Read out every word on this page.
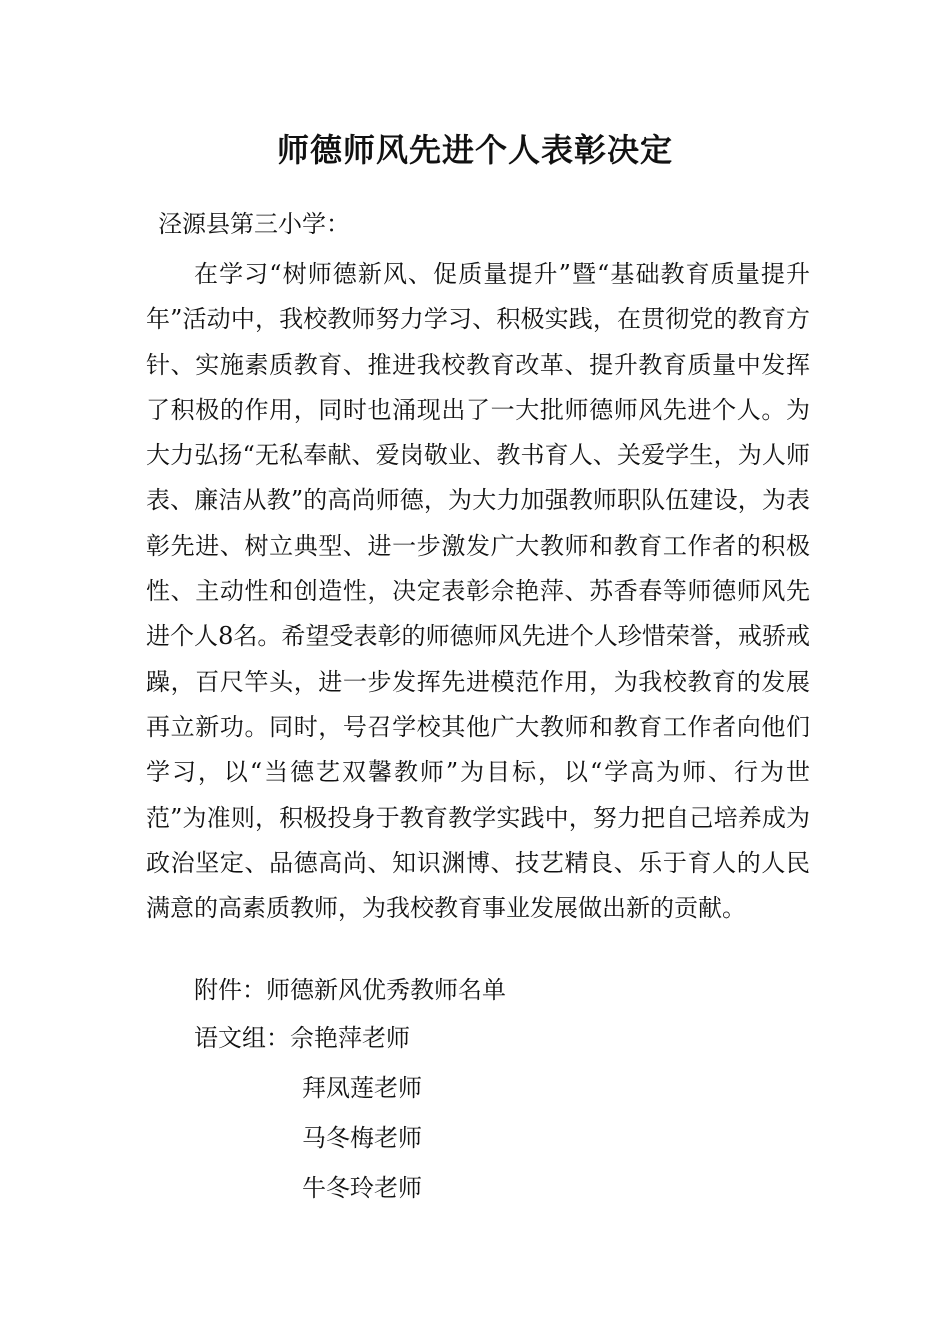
师德师风先进个人表彰决定
泾源县第三小学：

在学习“树师德新风、促质量提升”暨“基础教育质量提升年”活动中，我校教师努力学习、积极实践，在贯彻党的教育方针、实施素质教育、推进我校教育改革、提升教育质量中发挥了积极的作用，同时也涌现出了一大批师德师风先进个人。为大力弘扬“无私奉献、爱岗敬业、教书育人、关爱学生，为人师表、廉洁从教”的高尚师德，为大力加强教师职队伍建设，为表彰先进、树立典型、进一步激发广大教师和教育工作者的积极性、主动性和创造性，决定表彰佘艳萍、苏香春等师德师风先进个人8名。希望受表彰的师德师风先进个人珍惜荣誉，戒骄戒躁，百尺竿头，进一步发挥先进模范作用，为我校教育的发展再立新功。同时，号召学校其他广大教师和教育工作者向他们学习，以“当德艺双馨教师”为目标，以“学高为师、行为世范”为准则，积极投身于教育教学实践中，努力把自己培养成为政治坚定、品德高尚、知识渊博、技艺精良、乐于育人的人民满意的高素质教师，为我校教育事业发展做出新的贡献。

附件：师德新风优秀教师名单
语文组：佘艳萍老师
拜凤莲老师
马冬梅老师
牛冬玲老师
